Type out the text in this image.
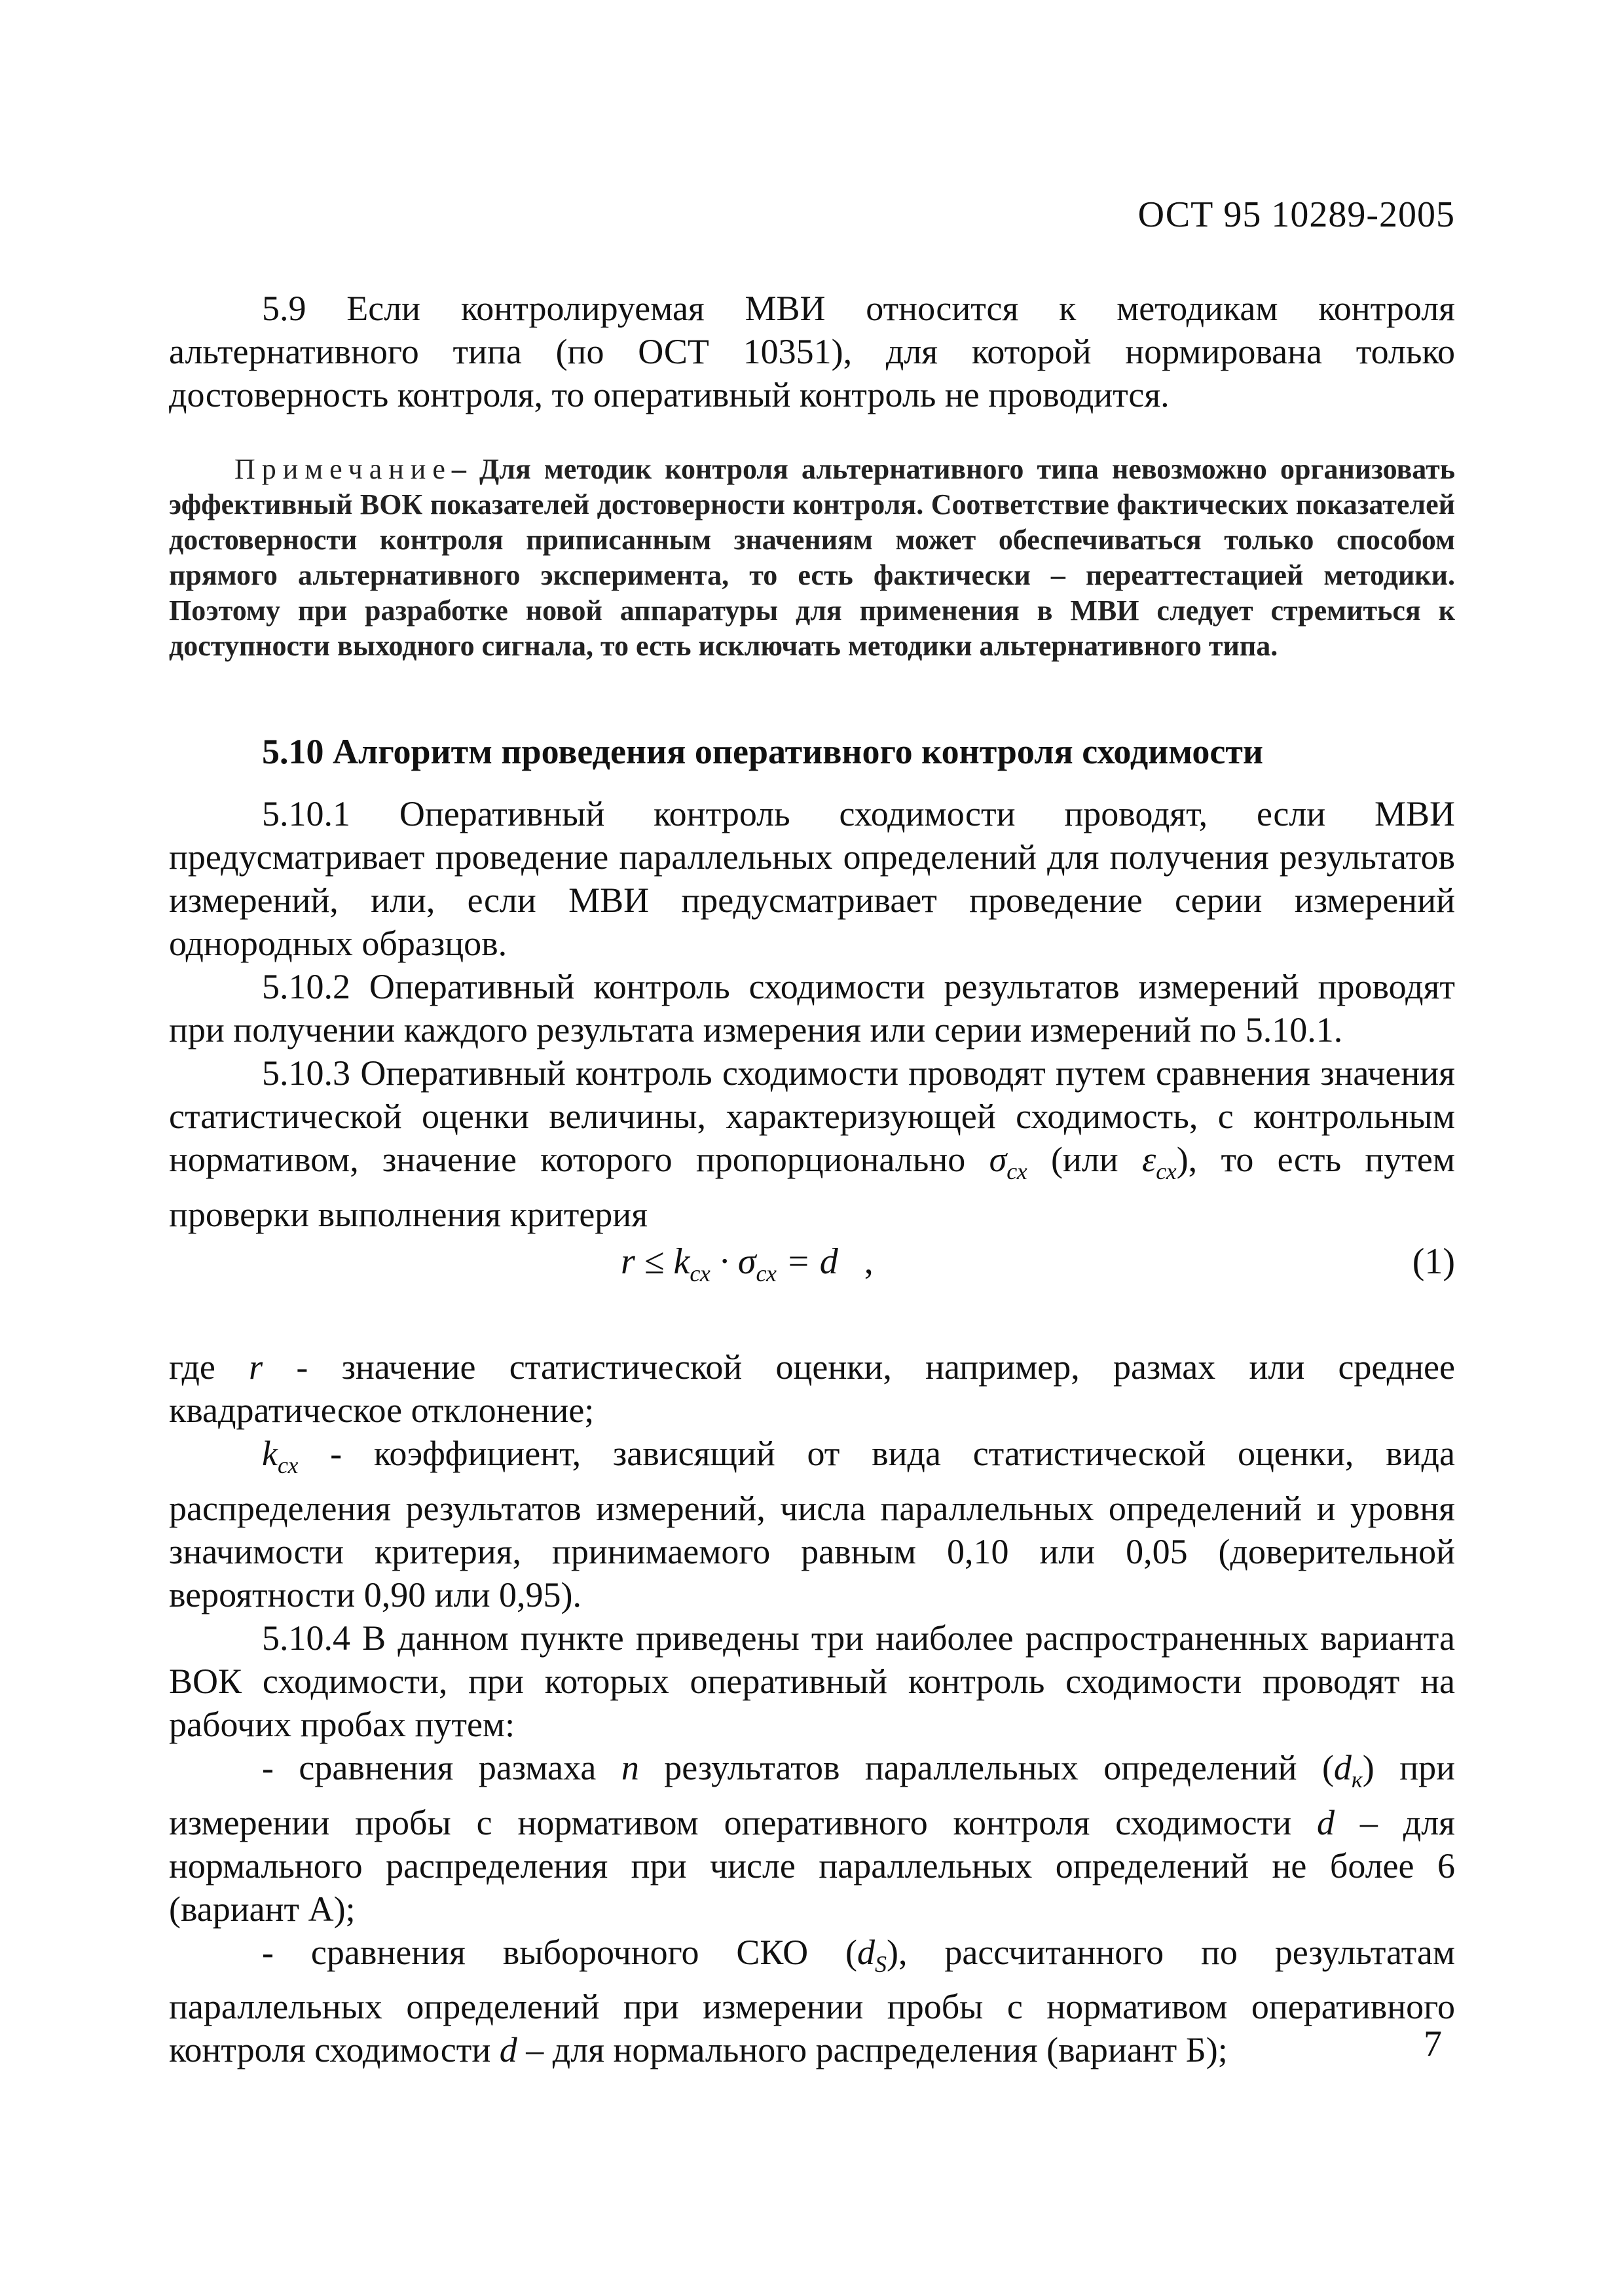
ОСТ 95 10289-2005

5.9 Если контролируемая МВИ относится к методикам контроля альтернативного типа (по ОСТ 10351), для которой нормирована только достоверность контроля, то оперативный контроль не проводится.

Примечание– Для методик контроля альтернативного типа невозможно организовать эффективный ВОК показателей достоверности контроля. Соответствие фактических показателей достоверности контроля приписанным значениям может обеспечиваться только способом прямого альтернативного эксперимента, то есть фактически – переаттестацией методики. Поэтому при разработке новой аппаратуры для применения в МВИ следует стремиться к доступности выходного сигнала, то есть исключать методики альтернативного типа.
5.10 Алгоритм проведения оперативного контроля сходимости

5.10.1 Оперативный контроль сходимости проводят, если МВИ предусматривает проведение параллельных определений для получения результатов измерений, или, если МВИ предусматривает проведение серии измерений однородных образцов.

5.10.2 Оперативный контроль сходимости результатов измерений проводят при получении каждого результата измерения или серии измерений по 5.10.1.

5.10.3 Оперативный контроль сходимости проводят путем сравнения значения статистической оценки величины, характеризующей сходимость, с контрольным нормативом, значение которого пропорционально $\sigma_{сх}$ (или $\varepsilon_{сх}$), то есть путем проверки выполнения критерия

$r \le k_{сх} \cdot \sigma_{сх} = d$ ,	(1)

где r - значение статистической оценки, например, размах или среднее квадратическое отклонение;

$k_{сх}$ - коэффициент, зависящий от вида статистической оценки, вида распределения результатов измерений, числа параллельных определений и уровня значимости критерия, принимаемого равным 0,10 или 0,05 (доверительной вероятности 0,90 или 0,95).

5.10.4 В данном пункте приведены три наиболее распространенных варианта ВОК сходимости, при которых оперативный контроль сходимости проводят на рабочих пробах путем:

- сравнения размаха n результатов параллельных определений $(d_к)$ при измерении пробы с нормативом оперативного контроля сходимости d – для нормального распределения при числе параллельных определений не более 6 (вариант А);

- сравнения выборочного СКО $(d_S)$, рассчитанного по результатам параллельных определений при измерении пробы с нормативом оперативного контроля сходимости d – для нормального распределения (вариант Б);	7
